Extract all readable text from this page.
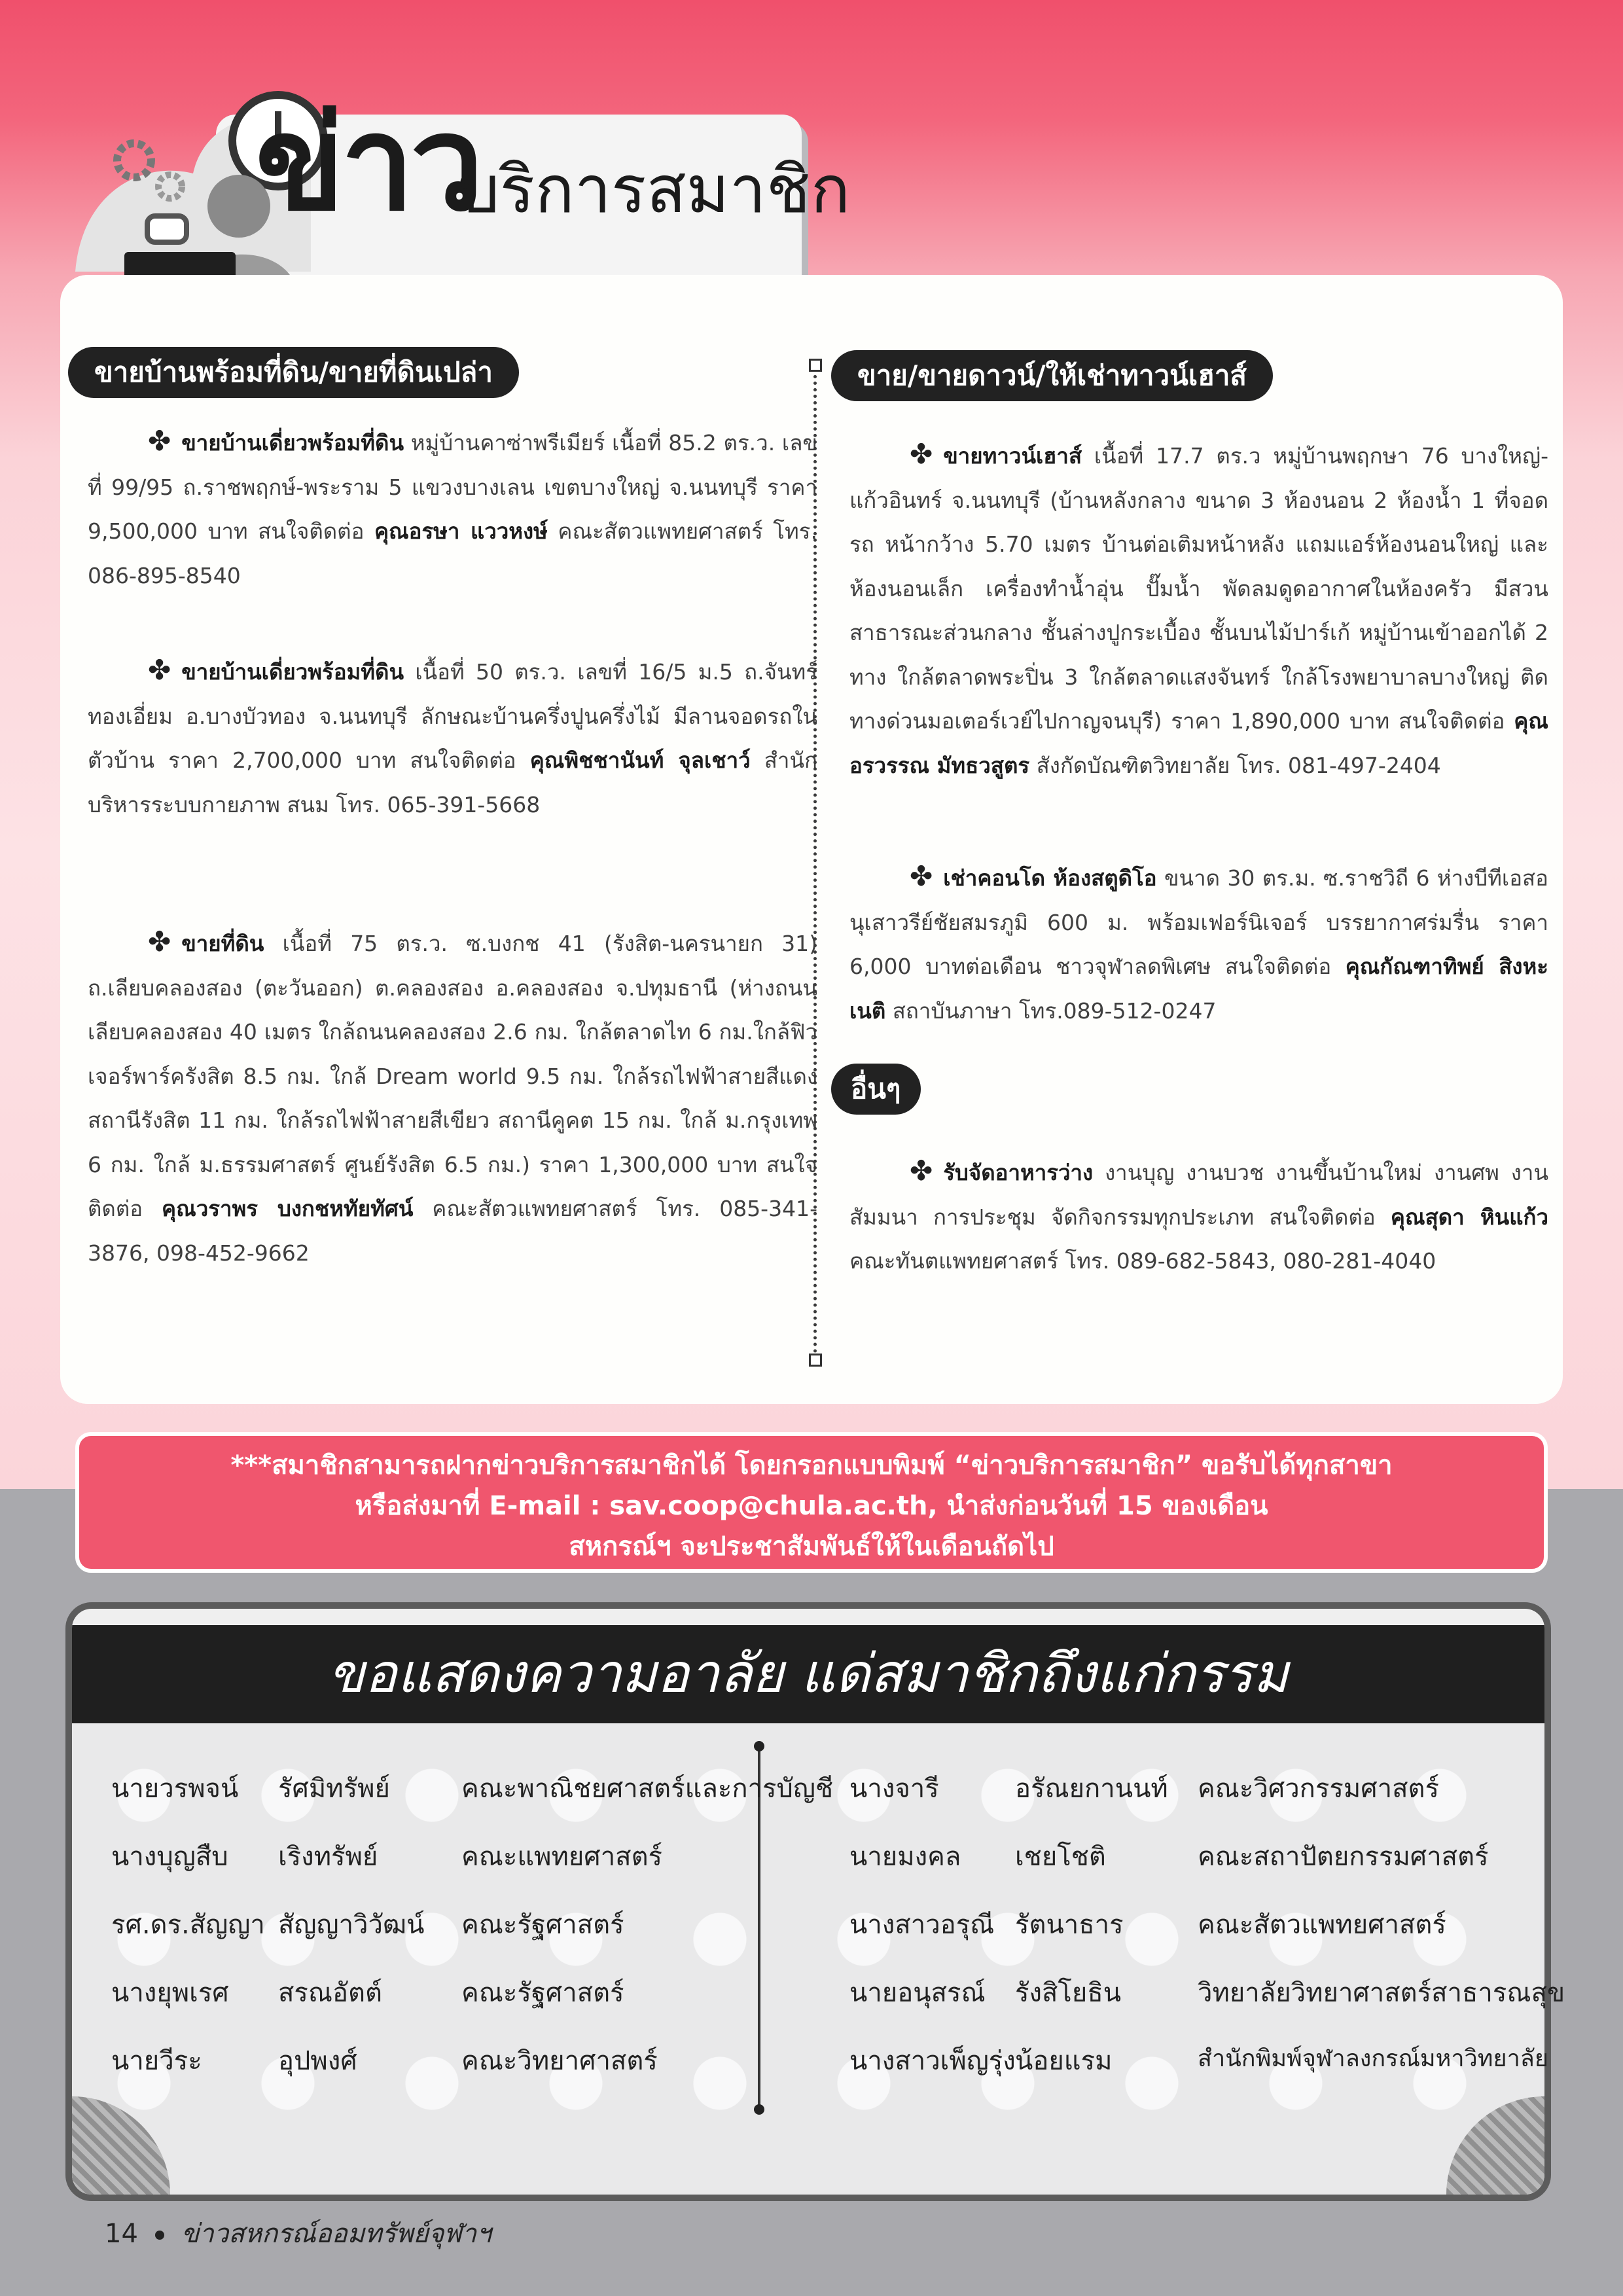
ข่าว
บริการสมาชิก
ขายบ้านพร้อมที่ดิน/ขายที่ดินเปล่า
✤ ขายบ้านเดี่ยวพร้อมที่ดิน หมู่บ้านคาซ่าพรีเมียร์ เนื้อที่ 85.2 ตร.ว. เลขที่ 99/95 ถ.ราชพฤกษ์-พระราม 5 แขวงบางเลน เขตบางใหญ่ จ.นนทบุรี ราคา 9,500,000 บาท สนใจติดต่อ คุณอรษา แววหงษ์ คณะสัตวแพทยศาสตร์ โทร. 086-895-8540
✤ ขายบ้านเดี่ยวพร้อมที่ดิน เนื้อที่ 50 ตร.ว. เลขที่ 16/5 ม.5 ถ.จันทร์ทองเอี่ยม อ.บางบัวทอง จ.นนทบุรี ลักษณะบ้านครึ่งปูนครึ่งไม้ มีลานจอดรถในตัวบ้าน ราคา 2,700,000 บาท สนใจติดต่อ คุณพิชชานันท์ จุลเชาว์ สำนักบริหารระบบกายภาพ สนม โทร. 065-391-5668
✤ ขายที่ดิน เนื้อที่ 75 ตร.ว. ซ.บงกช 41 (รังสิต-นครนายก 31) ถ.เลียบคลองสอง (ตะวันออก) ต.คลองสอง อ.คลองสอง จ.ปทุมธานี (ห่างถนนเลียบคลองสอง 40 เมตร ใกล้ถนนคลองสอง 2.6 กม. ใกล้ตลาดไท 6 กม.ใกล้ฟิวเจอร์พาร์ครังสิต 8.5 กม. ใกล้ Dream world 9.5 กม. ใกล้รถไฟฟ้าสายสีแดง สถานีรังสิต 11 กม. ใกล้รถไฟฟ้าสายสีเขียว สถานีคูคต 15 กม. ใกล้ ม.กรุงเทพ 6 กม. ใกล้ ม.ธรรมศาสตร์ ศูนย์รังสิต 6.5 กม.) ราคา 1,300,000 บาท สนใจติดต่อ คุณวราพร บงกชหทัยทัศน์ คณะสัตวแพทยศาสตร์ โทร. 085-341-3876, 098-452-9662
ขาย/ขายดาวน์/ให้เช่าทาวน์เฮาส์
✤ ขายทาวน์เฮาส์ เนื้อที่ 17.7 ตร.ว หมู่บ้านพฤกษา 76 บางใหญ่-แก้วอินทร์ จ.นนทบุรี (บ้านหลังกลาง ขนาด 3 ห้องนอน 2 ห้องน้ำ 1 ที่จอดรถ หน้ากว้าง 5.70 เมตร บ้านต่อเติมหน้าหลัง แถมแอร์ห้องนอนใหญ่ และห้องนอนเล็ก เครื่องทำน้ำอุ่น ปั๊มน้ำ พัดลมดูดอากาศในห้องครัว มีสวนสาธารณะส่วนกลาง ชั้นล่างปูกระเบื้อง ชั้นบนไม้ปาร์เก้ หมู่บ้านเข้าออกได้ 2 ทาง ใกล้ตลาดพระปิ่น 3 ใกล้ตลาดแสงจันทร์ ใกล้โรงพยาบาลบางใหญ่ ติดทางด่วนมอเตอร์เวย์ไปกาญจนบุรี) ราคา 1,890,000 บาท สนใจติดต่อ คุณอรวรรณ มัทธวสูตร สังกัดบัณฑิตวิทยาลัย โทร. 081-497-2404
✤ เช่าคอนโด ห้องสตูดิโอ ขนาด 30 ตร.ม. ซ.ราชวิถี 6 ห่างบีทีเอสอนุเสาวรีย์ชัยสมรภูมิ 600 ม. พร้อมเฟอร์นิเจอร์ บรรยากาศร่มรื่น ราคา 6,000 บาทต่อเดือน ชาวจุฬาลดพิเศษ สนใจติดต่อ คุณกัณฑาทิพย์ สิงหะเนติ สถาบันภาษา โทร.089-512-0247
อื่นๆ
✤ รับจัดอาหารว่าง งานบุญ งานบวช งานขึ้นบ้านใหม่ งานศพ งานสัมมนา การประชุม จัดกิจกรรมทุกประเภท สนใจติดต่อ คุณสุดา หินแก้ว คณะทันตแพทยศาสตร์ โทร. 089-682-5843, 080-281-4040
***สมาชิกสามารถฝากข่าวบริการสมาชิกได้ โดยกรอกแบบพิมพ์ “ข่าวบริการสมาชิก” ขอรับได้ทุกสาขา
หรือส่งมาที่ E-mail : sav.coop@chula.ac.th, นำส่งก่อนวันที่ 15 ของเดือน
สหกรณ์ฯ จะประชาสัมพันธ์ให้ในเดือนถัดไป
ขอแสดงความอาลัย แด่สมาชิกถึงแก่กรรม
นายวรพจน์ รัศมิทรัพย์	คณะพาณิชยศาสตร์และการบัญชี
นางบุญสืบ เริงทรัพย์	คณะแพทยศาสตร์
รศ.ดร.สัญญา สัญญาวิวัฒน์ คณะรัฐศาสตร์
นางยุพเรศ สรณอัตต์	คณะรัฐศาสตร์
นายวีระ	อุปพงศ์	คณะวิทยาศาสตร์
นางจารี	อรัณยกานนท์ คณะวิศวกรรมศาสตร์
นายมงคล เชยโชติ	คณะสถาปัตยกรรมศาสตร์
นางสาวอรุณี รัตนาธาร	คณะสัตวแพทยศาสตร์
นายอนุสรณ์ รังสิโยธิน	วิทยาลัยวิทยาศาสตร์สาธารณสุข
นางสาวเพ็ญรุ่ง น้อยแรม	สำนักพิมพ์จุฬาลงกรณ์มหาวิทยาลัย
14 ข่าวสหกรณ์ออมทรัพย์จุฬาฯ
